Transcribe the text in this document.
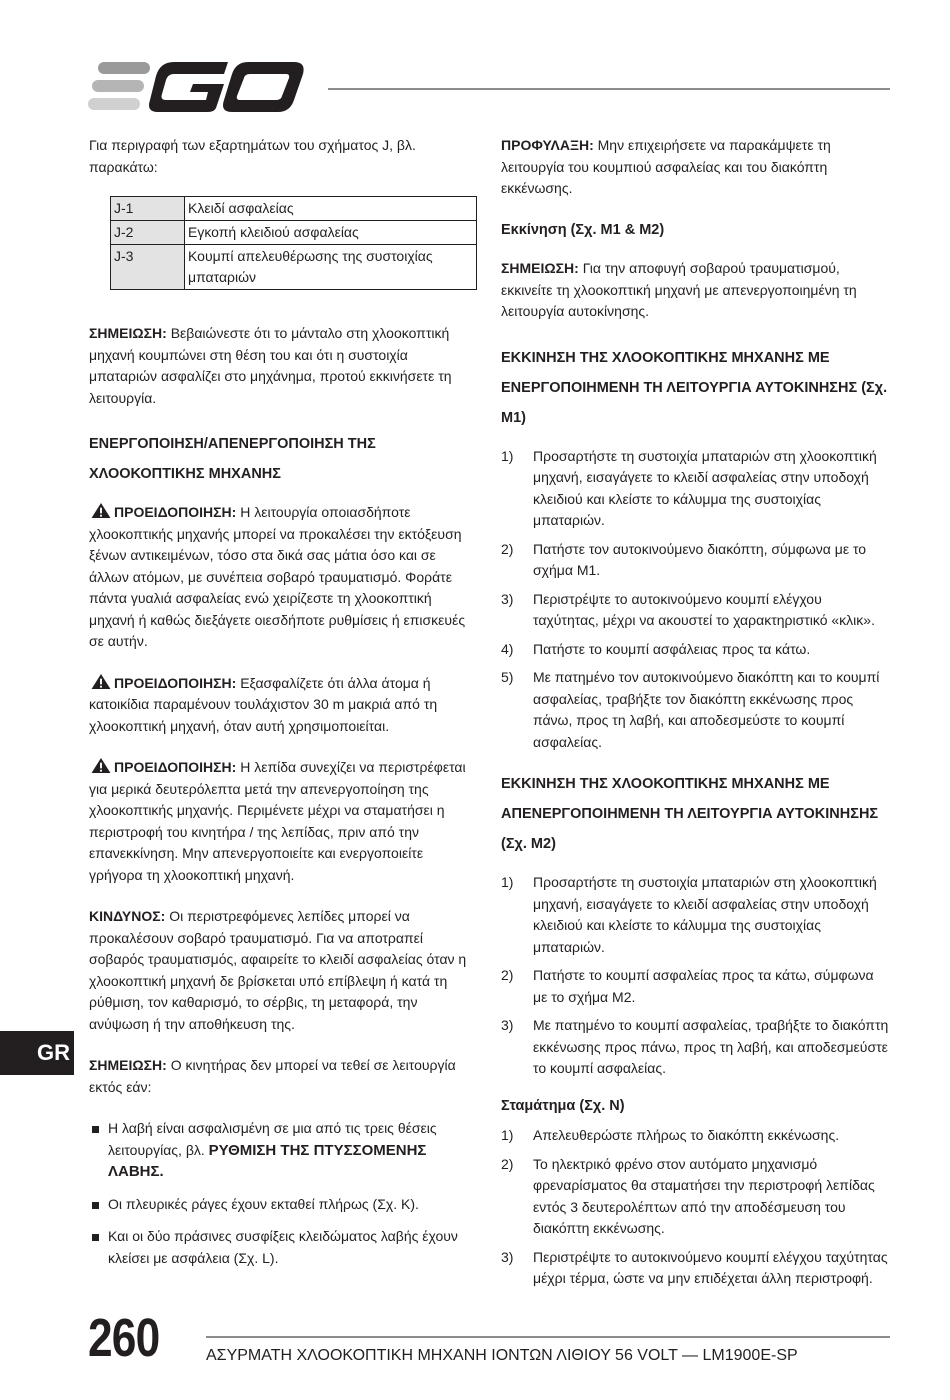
Για περιγραφή των εξαρτημάτων του σχήματος J, βλ. παρακάτω:

J-1	Κλειδί ασφαλείας
J-2	Εγκοπή κλειδιού ασφαλείας
J-3	Κουμπί απελευθέρωσης της συστοιχίας μπαταριών

ΣΗΜΕΙΩΣΗ: Βεβαιώνεστε ότι το μάνταλο στη χλοοκοπτική μηχανή κουμπώνει στη θέση του και ότι η συστοιχία μπαταριών ασφαλίζει στο μηχάνημα, προτού εκκινήσετε τη λειτουργία.

ΕΝΕΡΓΟΠΟΙΗΣΗ/ΑΠΕΝΕΡΓΟΠΟΙΗΣΗ ΤΗΣ ΧΛΟΟΚΟΠΤΙΚΗΣ ΜΗΧΑΝΗΣ

ΠΡΟΕΙΔΟΠΟΙΗΣΗ: Η λειτουργία οποιασδήποτε χλοοκοπτικής μηχανής μπορεί να προκαλέσει την εκτόξευση ξένων αντικειμένων, τόσο στα δικά σας μάτια όσο και σε άλλων ατόμων, με συνέπεια σοβαρό τραυματισμό. Φοράτε πάντα γυαλιά ασφαλείας ενώ χειρίζεστε τη χλοοκοπτική μηχανή ή καθώς διεξάγετε οιεσδήποτε ρυθμίσεις ή επισκευές σε αυτήν.

ΠΡΟΕΙΔΟΠΟΙΗΣΗ: Εξασφαλίζετε ότι άλλα άτομα ή κατοικίδια παραμένουν τουλάχιστον 30 m μακριά από τη χλοοκοπτική μηχανή, όταν αυτή χρησιμοποιείται.

ΠΡΟΕΙΔΟΠΟΙΗΣΗ: Η λεπίδα συνεχίζει να περιστρέφεται για μερικά δευτερόλεπτα μετά την απενεργοποίηση της χλοοκοπτικής μηχανής. Περιμένετε μέχρι να σταματήσει η περιστροφή του κινητήρα / της λεπίδας, πριν από την επανεκκίνηση. Μην απενεργοποιείτε και ενεργοποιείτε γρήγορα τη χλοοκοπτική μηχανή.

ΚΙΝΔΥΝΟΣ: Οι περιστρεφόμενες λεπίδες μπορεί να προκαλέσουν σοβαρό τραυματισμό. Για να αποτραπεί σοβαρός τραυματισμός, αφαιρείτε το κλειδί ασφαλείας όταν η χλοοκοπτική μηχανή δε βρίσκεται υπό επίβλεψη ή κατά τη ρύθμιση, τον καθαρισμό, το σέρβις, τη μεταφορά, την ανύψωση ή την αποθήκευση της.

ΣΗΜΕΙΩΣΗ: Ο κινητήρας δεν μπορεί να τεθεί σε λειτουργία εκτός εάν:

Η λαβή είναι ασφαλισμένη σε μια από τις τρεις θέσεις λειτουργίας, βλ. ΡΥΘΜΙΣΗ ΤΗΣ ΠΤΥΣΣΟΜΕΝΗΣ ΛΑΒΗΣ.
Οι πλευρικές ράγες έχουν εκταθεί πλήρως (Σχ. K).
Και οι δύο πράσινες συσφίξεις κλειδώματος λαβής έχουν κλείσει με ασφάλεια (Σχ. L).

ΠΡΟΦΥΛΑΞΗ: Μην επιχειρήσετε να παρακάμψετε τη λειτουργία του κουμπιού ασφαλείας και του διακόπτη εκκένωσης.

Εκκίνηση (Σχ. M1 & M2)

ΣΗΜΕΙΩΣΗ: Για την αποφυγή σοβαρού τραυματισμού, εκκινείτε τη χλοοκοπτική μηχανή με απενεργοποιημένη τη λειτουργία αυτοκίνησης.

ΕΚΚΙΝΗΣΗ ΤΗΣ ΧΛΟΟΚΟΠΤΙΚΗΣ ΜΗΧΑΝΗΣ ΜΕ ΕΝΕΡΓΟΠΟΙΗΜΕΝΗ ΤΗ ΛΕΙΤΟΥΡΓΙΑ ΑΥΤΟΚΙΝΗΣΗΣ (Σχ. M1)
1) Προσαρτήστε τη συστοιχία μπαταριών στη χλοοκοπτική μηχανή, εισαγάγετε το κλειδί ασφαλείας στην υποδοχή κλειδιού και κλείστε το κάλυμμα της συστοιχίας μπαταριών.
2) Πατήστε τον αυτοκινούμενο διακόπτη, σύμφωνα με το σχήμα M1.
3) Περιστρέψτε το αυτοκινούμενο κουμπί ελέγχου ταχύτητας, μέχρι να ακουστεί το χαρακτηριστικό «κλικ».
4) Πατήστε το κουμπί ασφάλειας προς τα κάτω.
5) Με πατημένο τον αυτοκινούμενο διακόπτη και το κουμπί ασφαλείας, τραβήξτε τον διακόπτη εκκένωσης προς πάνω, προς τη λαβή, και αποδεσμεύστε το κουμπί ασφαλείας.
ΕΚΚΙΝΗΣΗ ΤΗΣ ΧΛΟΟΚΟΠΤΙΚΗΣ ΜΗΧΑΝΗΣ ΜΕ ΑΠΕΝΕΡΓΟΠΟΙΗΜΕΝΗ ΤΗ ΛΕΙΤΟΥΡΓΙΑ ΑΥΤΟΚΙΝΗΣΗΣ (Σχ. M2)
1) Προσαρτήστε τη συστοιχία μπαταριών στη χλοοκοπτική μηχανή, εισαγάγετε το κλειδί ασφαλείας στην υποδοχή κλειδιού και κλείστε το κάλυμμα της συστοιχίας μπαταριών.
2) Πατήστε το κουμπί ασφαλείας προς τα κάτω, σύμφωνα με το σχήμα M2.
3) Με πατημένο το κουμπί ασφαλείας, τραβήξτε το διακόπτη εκκένωσης προς πάνω, προς τη λαβή, και αποδεσμεύστε το κουμπί ασφαλείας.
Σταμάτημα (Σχ. N)
1) Απελευθερώστε πλήρως το διακόπτη εκκένωσης.
2) Το ηλεκτρικό φρένο στον αυτόματο μηχανισμό φρεναρίσματος θα σταματήσει την περιστροφή λεπίδας εντός 3 δευτερολέπτων από την αποδέσμευση του διακόπτη εκκένωσης.
3) Περιστρέψτε το αυτοκινούμενο κουμπί ελέγχου ταχύτητας μέχρι τέρμα, ώστε να μην επιδέχεται άλλη περιστροφή.
GR
260	ΑΣΥΡΜΑΤΗ ΧΛΟΟΚΟΠΤΙΚΗ ΜΗΧΑΝΗ ΙΟΝΤΩΝ ΛΙΘΙΟΥ 56 VOLT — LM1900E-SP
